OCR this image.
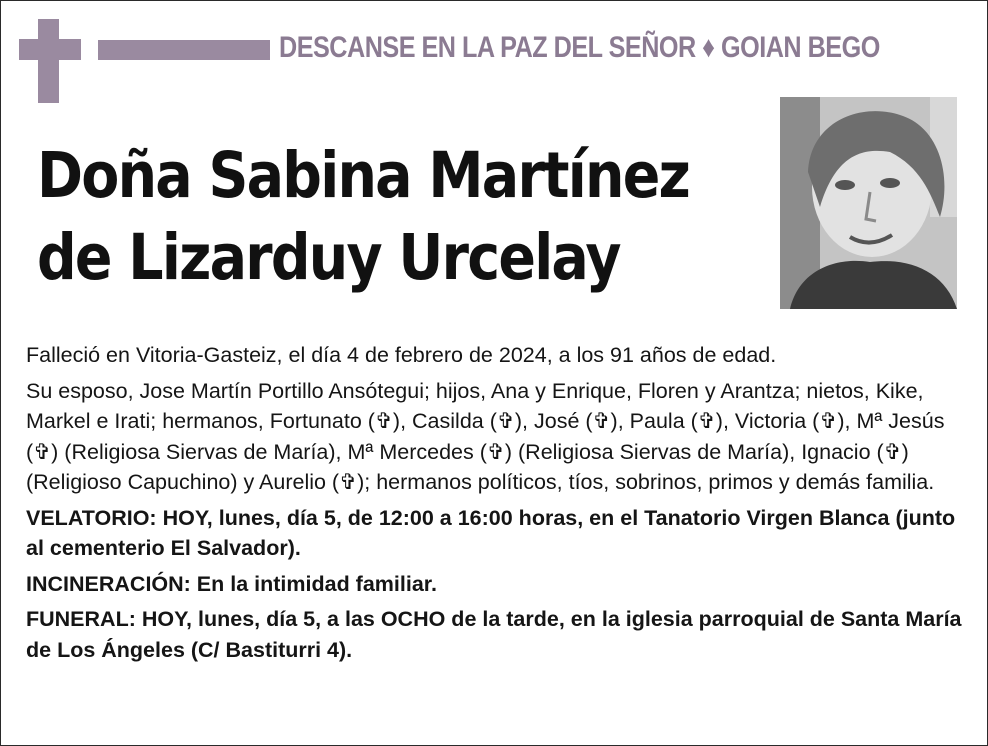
DESCANSE EN LA PAZ DEL SEÑOR ♦ GOIAN BEGO
Doña Sabina Martínez
de Lizarduy Urcelay

Falleció en Vitoria-Gasteiz, el día 4 de febrero de 2024, a los 91 años de edad.

Su esposo, Jose Martín Portillo Ansótegui; hijos, Ana y Enrique, Floren y Arantza; nietos, Kike, Markel e Irati; hermanos, Fortunato (✞), Casilda (✞), José (✞), Paula (✞), Victoria (✞), Mª Jesús (✞) (Religiosa Siervas de María), Mª Mercedes (✞) (Religiosa Siervas de María), Ignacio (✞) (Religioso Capuchino) y Aurelio (✞); hermanos políticos, tíos, sobrinos, primos y demás familia.

VELATORIO: HOY, lunes, día 5, de 12:00 a 16:00 horas, en el Tanatorio Virgen Blanca (junto al cementerio El Salvador).

INCINERACIÓN: En la intimidad familiar.

FUNERAL: HOY, lunes, día 5, a las OCHO de la tarde, en la iglesia parroquial de Santa María de Los Ángeles (C/ Bastiturri 4).
